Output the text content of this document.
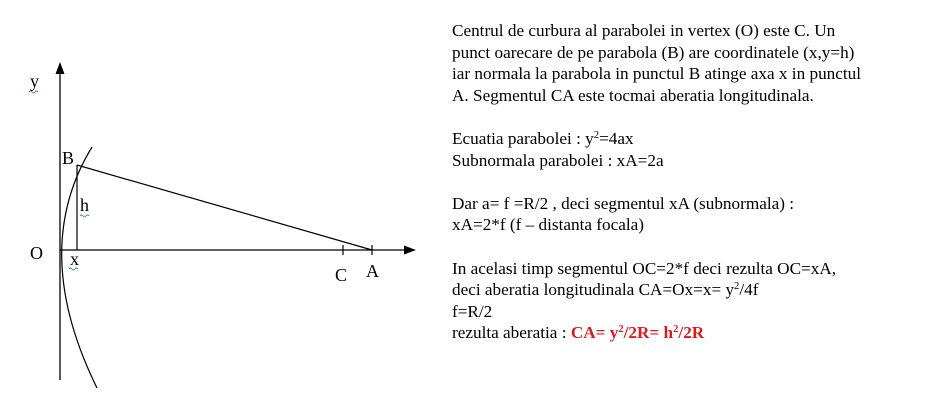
y
O
B
h
x
C A
Centrul de curbura al parabolei in vertex (O) este C. Un
punct oarecare de pe parabola (B) are coordinatele (x,y=h)
iar normala la parabola in punctul B atinge axa x in punctul
A. Segmentul CA este tocmai aberatia longitudinala.
Ecuatia parabolei : $y^2=4ax$
Subnormala parabolei : xA=2a
Dar a= f =R/2 , deci segmentul xA (subnormala) :
xA=2*f (f – distanta focala)
In acelasi timp segmentul OC=2*f deci rezulta OC=xA,
deci aberatia longitudinala $CA=Ox=x= y^2/4f$
f=R/2
rezulta aberatia : $CA= y^2/2R= h^2/2R$
